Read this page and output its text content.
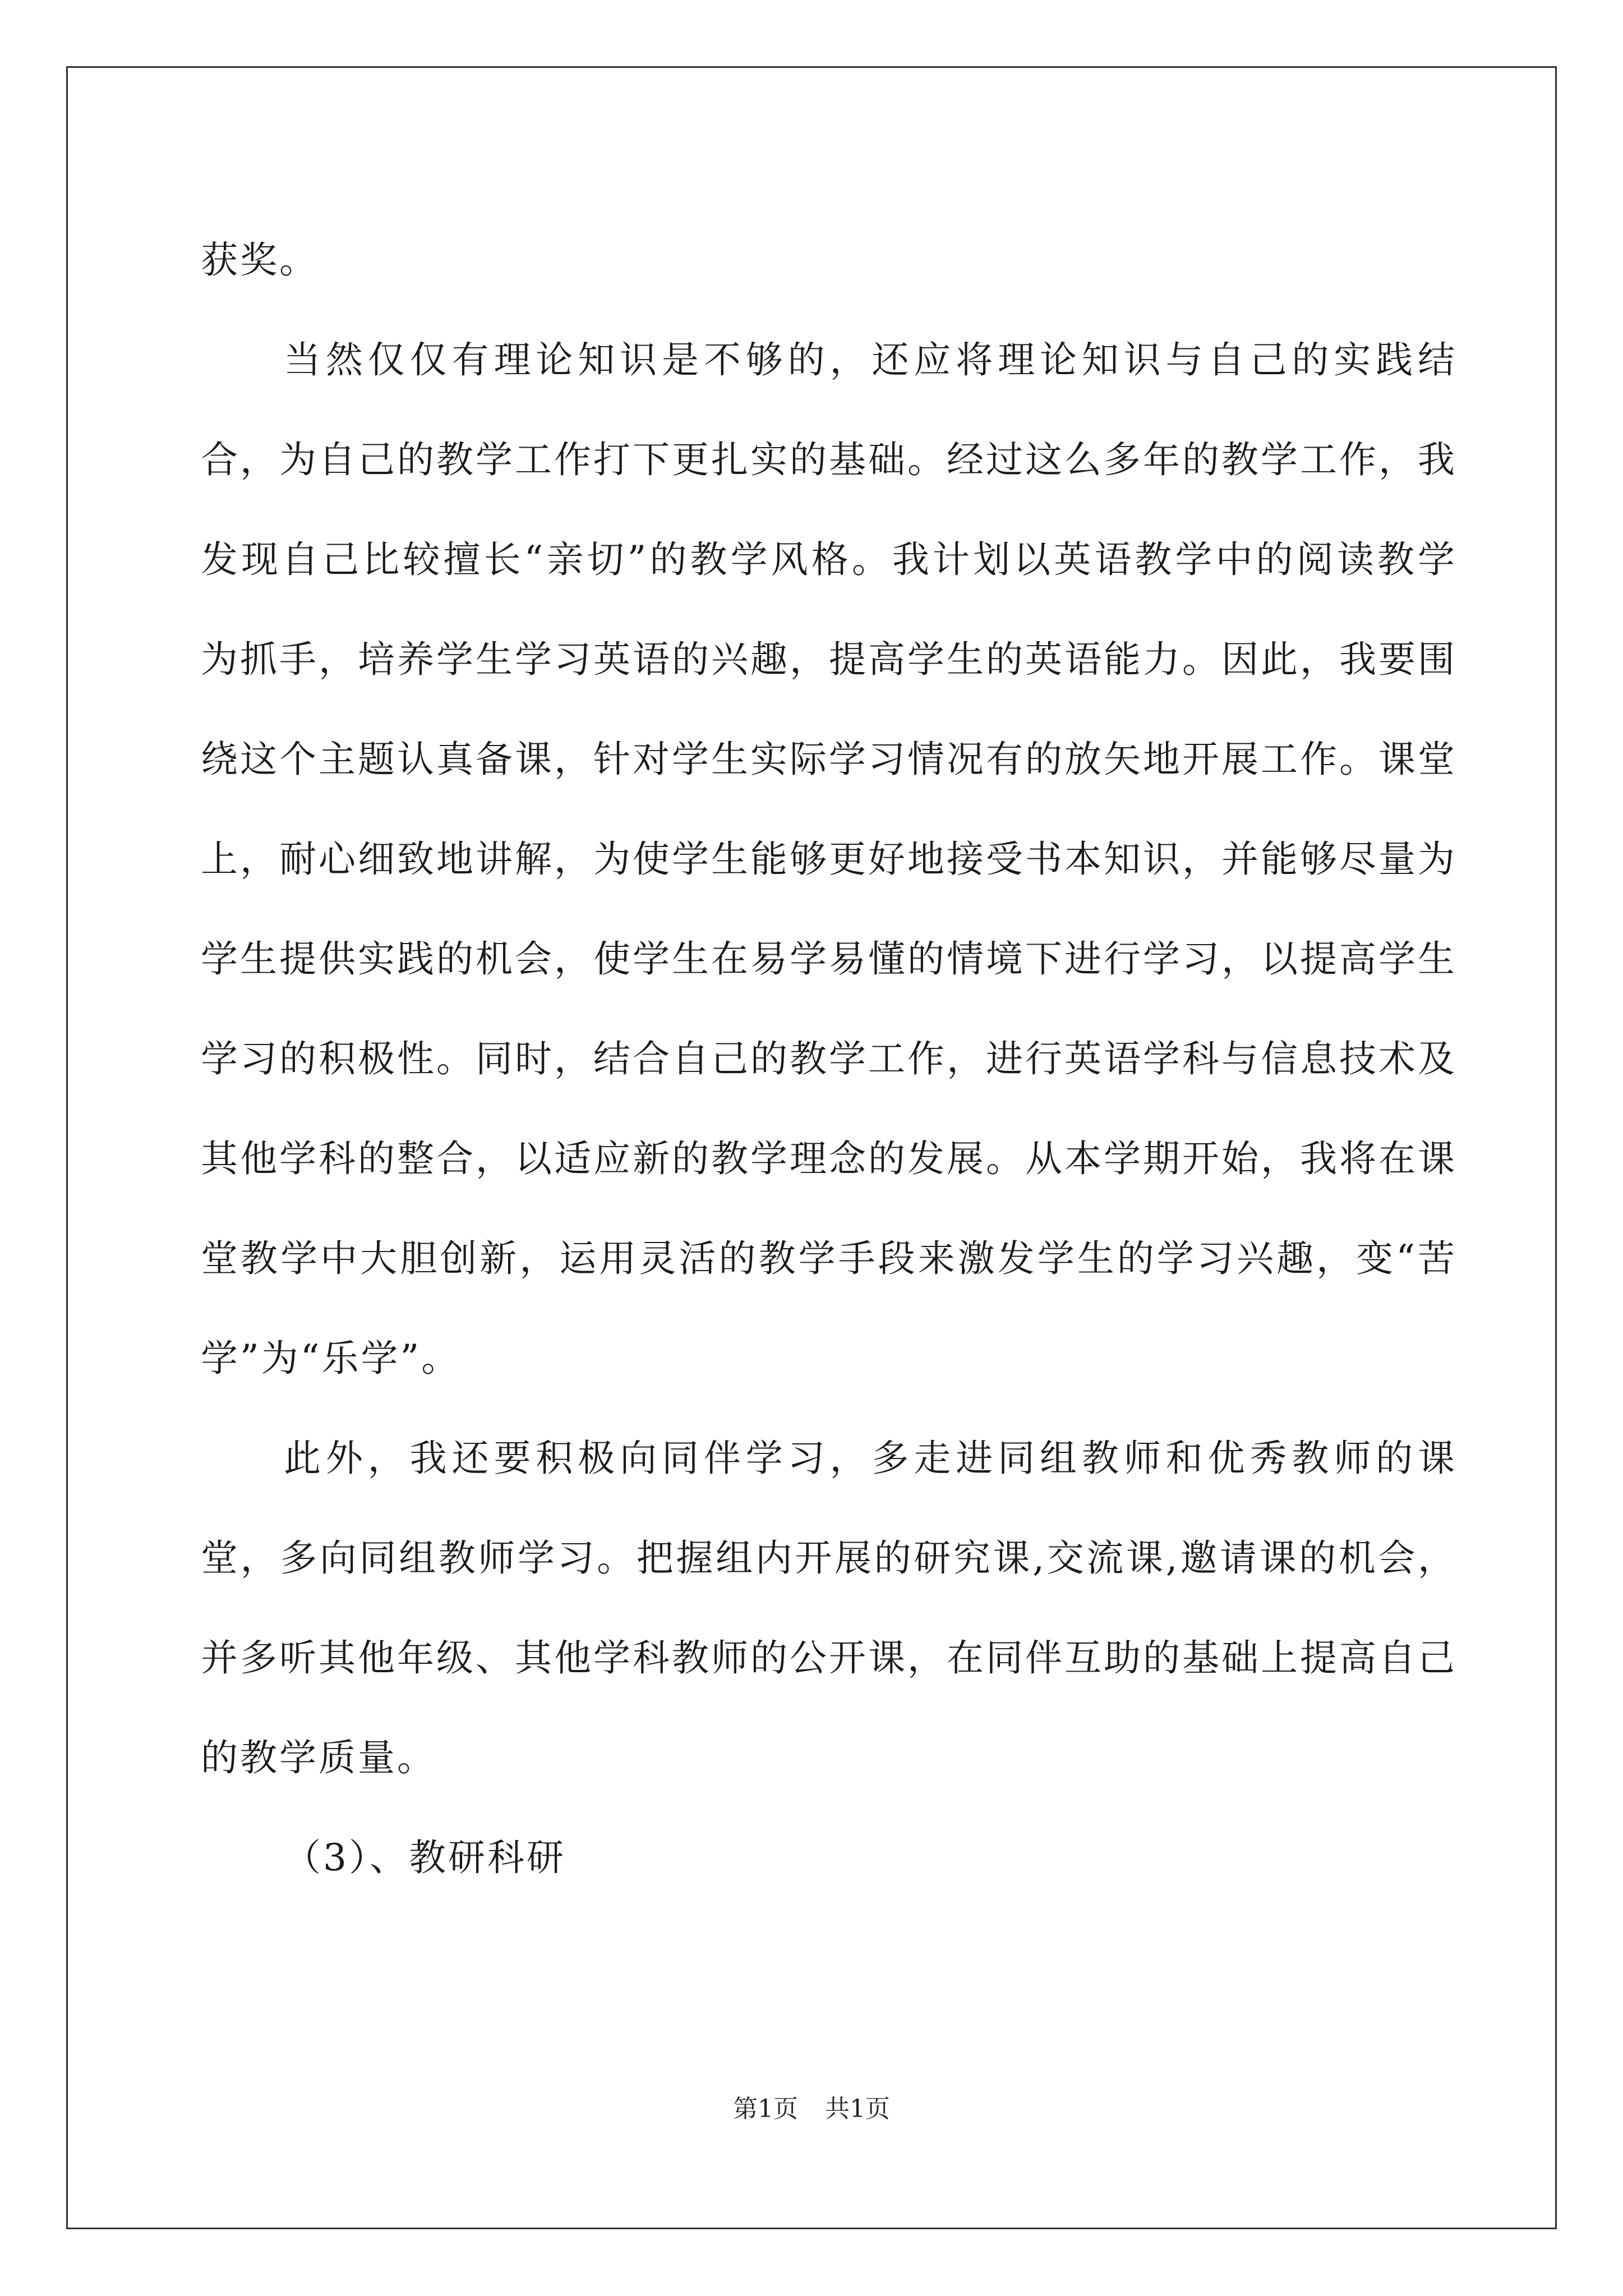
获奖。

当然仅仅有理论知识是不够的，还应将理论知识与自己的实践结合，为自己的教学工作打下更扎实的基础。经过这么多年的教学工作，我发现自己比较擅长“亲切”的教学风格。我计划以英语教学中的阅读教学为抓手，培养学生学习英语的兴趣，提高学生的英语能力。因此，我要围绕这个主题认真备课，针对学生实际学习情况有的放矢地开展工作。课堂上，耐心细致地讲解，为使学生能够更好地接受书本知识，并能够尽量为学生提供实践的机会，使学生在易学易懂的情境下进行学习，以提高学生学习的积极性。同时，结合自己的教学工作，进行英语学科与信息技术及其他学科的整合，以适应新的教学理念的发展。从本学期开始，我将在课堂教学中大胆创新，运用灵活的教学手段来激发学生的学习兴趣，变“苦学”为“乐学”。

此外，我还要积极向同伴学习，多走进同组教师和优秀教师的课堂，多向同组教师学习。把握组内开展的研究课,交流课,邀请课的机会，并多听其他年级、其他学科教师的公开课，在同伴互助的基础上提高自己的教学质量。

（3）、教研科研

第1页 共1页
